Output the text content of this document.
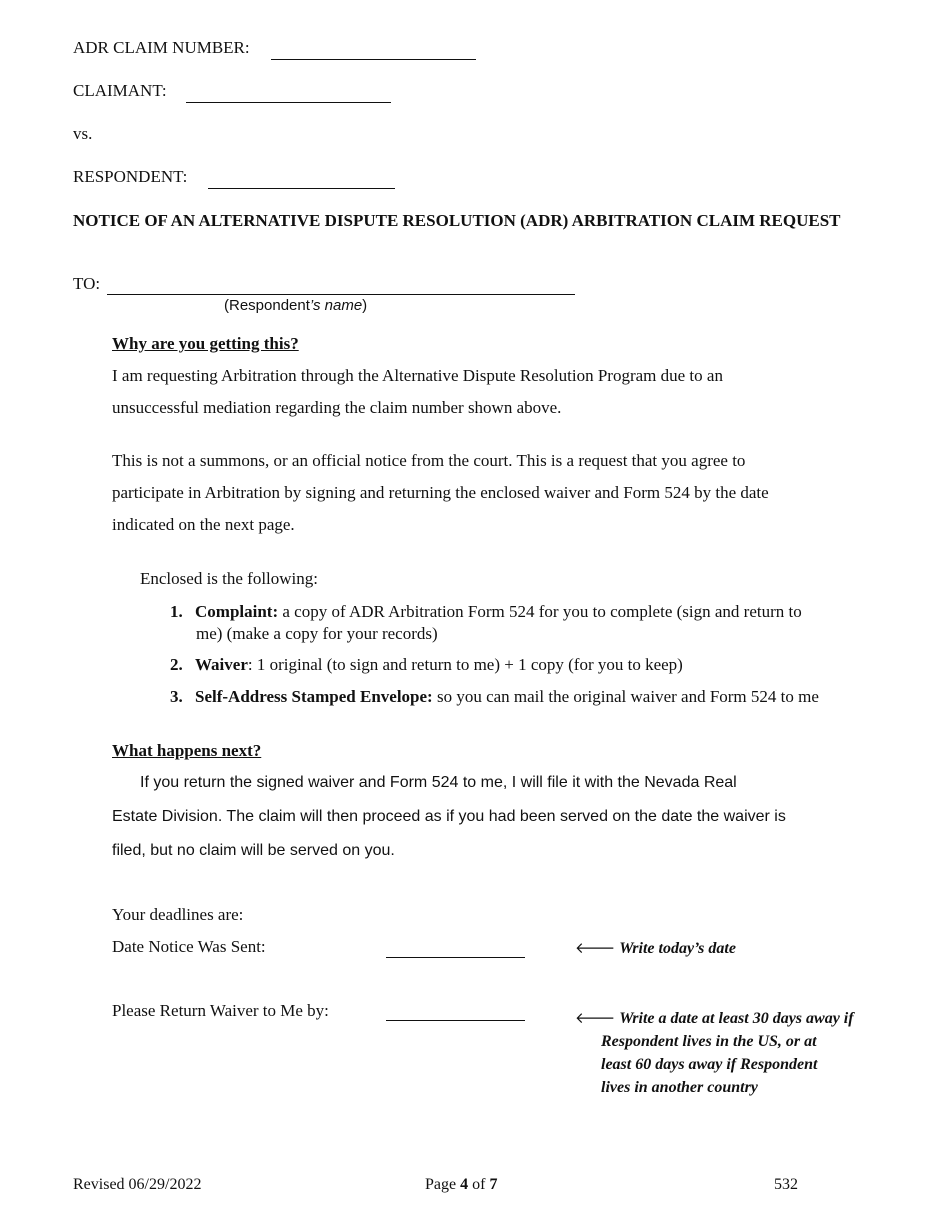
ADR CLAIM NUMBER:
CLAIMANT:
vs.
RESPONDENT:
NOTICE OF AN ALTERNATIVE DISPUTE RESOLUTION (ADR) ARBITRATION CLAIM REQUEST
TO:
(Respondent’s name)
Why are you getting this?
I am requesting Arbitration through the Alternative Dispute Resolution Program due to an
unsuccessful mediation regarding the claim number shown above.
This is not a summons, or an official notice from the court. This is a request that you agree to
participate in Arbitration by signing and returning the enclosed waiver and Form 524 by the date
indicated on the next page.
Enclosed is the following:
1. Complaint: a copy of ADR Arbitration Form 524 for you to complete (sign and return to
me) (make a copy for your records)
2. Waiver: 1 original (to sign and return to me) + 1 copy (for you to keep)
3. Self-Address Stamped Envelope: so you can mail the original waiver and Form 524 to me
What happens next?
If you return the signed waiver and Form 524 to me, I will file it with the Nevada Real
Estate Division. The claim will then proceed as if you had been served on the date the waiver is
filed, but no claim will be served on you.
Your deadlines are:
Date Notice Was Sent:	🡐 Write today’s date
Please Return Waiver to Me by:	🡐 Write a date at least 30 days away if
Respondent lives in the US, or at
least 60 days away if Respondent
lives in another country
Revised 06/29/2022	Page 4 of 7	532
